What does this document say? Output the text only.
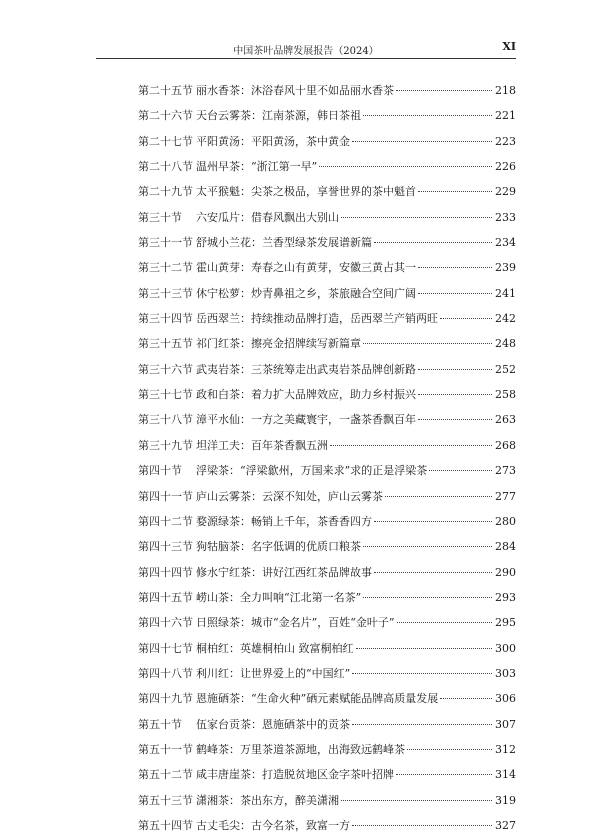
中国茶叶品牌发展报告（2024）	XI
第二十五节 丽水香茶：沐浴春风十里不如品丽水香茶	218
第二十六节 天台云雾茶：江南茶源，韩日茶祖	221
第二十七节 平阳黄汤：平阳黄汤，茶中黄金	223
第二十八节 温州早茶：“浙江第一早”	226
第二十九节 太平猴魁：尖茶之极品，享誉世界的茶中魁首	229
第三十节	六安瓜片：借春风飘出大别山	233
第三十一节 舒城小兰花：兰香型绿茶发展谱新篇	234
第三十二节 霍山黄芽：寿春之山有黄芽，安徽三黄占其一	239
第三十三节 休宁松萝：炒青鼻祖之乡，茶旅融合空间广阔	241
第三十四节 岳西翠兰：持续推动品牌打造，岳西翠兰产销两旺	242
第三十五节 祁门红茶：擦亮金招牌续写新篇章	248
第三十六节 武夷岩茶：三茶统筹走出武夷岩茶品牌创新路	252
第三十七节 政和白茶：着力扩大品牌效应，助力乡村振兴	258
第三十八节 漳平水仙：一方之美藏寰宇，一盏茶香飘百年	263
第三十九节 坦洋工夫：百年茶香飘五洲	268
第四十节	浮梁茶：“浮梁歙州，万国来求”求的正是浮梁茶	273
第四十一节 庐山云雾茶：云深不知处，庐山云雾茶	277
第四十二节 婺源绿茶：畅销上千年，茶香香四方	280
第四十三节 狗牯脑茶：名字低调的优质口粮茶	284
第四十四节 修水宁红茶：讲好江西红茶品牌故事	290
第四十五节 崂山茶：全力叫响“江北第一名茶”	293
第四十六节 日照绿茶：城市“金名片”，百姓“金叶子”	295
第四十七节 桐柏红：英雄桐柏山 致富桐柏红	300
第四十八节 利川红：让世界爱上的“中国红”	303
第四十九节 恩施硒茶：“生命火种”硒元素赋能品牌高质量发展	306
第五十节	伍家台贡茶：恩施硒茶中的贡茶	307
第五十一节 鹤峰茶：万里茶道茶源地，出海致远鹤峰茶	312
第五十二节 咸丰唐崖茶：打造脱贫地区金字茶叶招牌	314
第五十三节 潇湘茶：茶出东方，醉美潇湘	319
第五十四节 古丈毛尖：古今名茶，致富一方	327
